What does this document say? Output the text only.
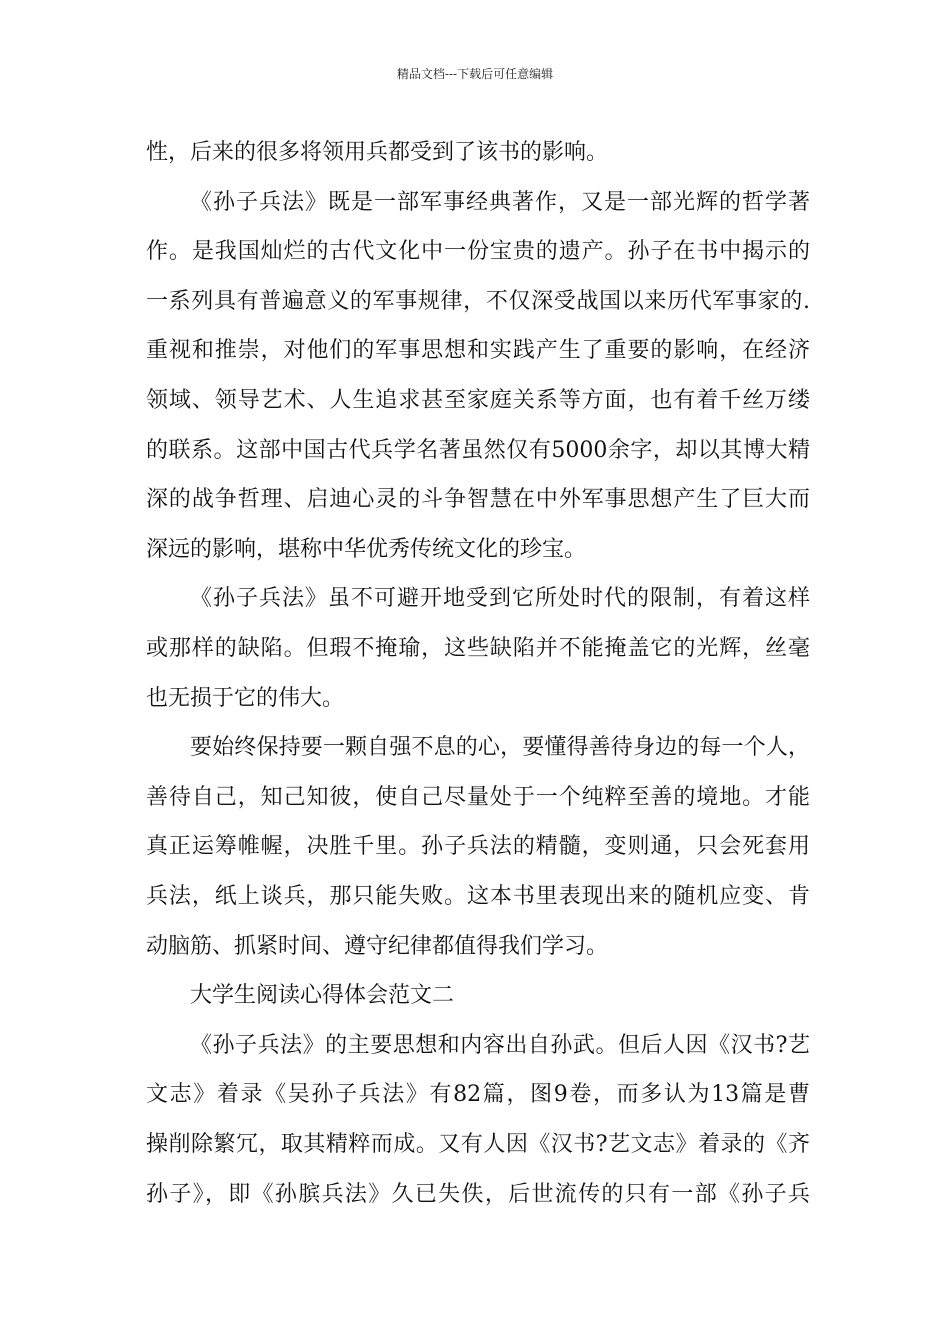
精品文档---下载后可任意编辑
性，后来的很多将领用兵都受到了该书的影响。
《孙子兵法》既是一部军事经典著作，又是一部光辉的哲学著
作。是我国灿烂的古代文化中一份宝贵的遗产。孙子在书中揭示的
一系列具有普遍意义的军事规律，不仅深受战国以来历代军事家的.
重视和推崇，对他们的军事思想和实践产生了重要的影响，在经济
领域、领导艺术、人生追求甚至家庭关系等方面，也有着千丝万缕
的联系。这部中国古代兵学名著虽然仅有5000余字，却以其博大精
深的战争哲理、启迪心灵的斗争智慧在中外军事思想产生了巨大而
深远的影响，堪称中华优秀传统文化的珍宝。
《孙子兵法》虽不可避开地受到它所处时代的限制，有着这样
或那样的缺陷。但瑕不掩瑜，这些缺陷并不能掩盖它的光辉，丝毫
也无损于它的伟大。
要始终保持要一颗自强不息的心，要懂得善待身边的每一个人，
善待自己，知己知彼，使自己尽量处于一个纯粹至善的境地。才能
真正运筹帷幄，决胜千里。孙子兵法的精髓，变则通，只会死套用
兵法，纸上谈兵，那只能失败。这本书里表现出来的随机应变、肯
动脑筋、抓紧时间、遵守纪律都值得我们学习。
大学生阅读心得体会范文二
《孙子兵法》的主要思想和内容出自孙武。但后人因《汉书?艺
文志》着录《吴孙子兵法》有82篇，图9卷，而多认为13篇是曹
操削除繁冗，取其精粹而成。又有人因《汉书?艺文志》着录的《齐
孙子》，即《孙膑兵法》久已失佚，后世流传的只有一部《孙子兵
